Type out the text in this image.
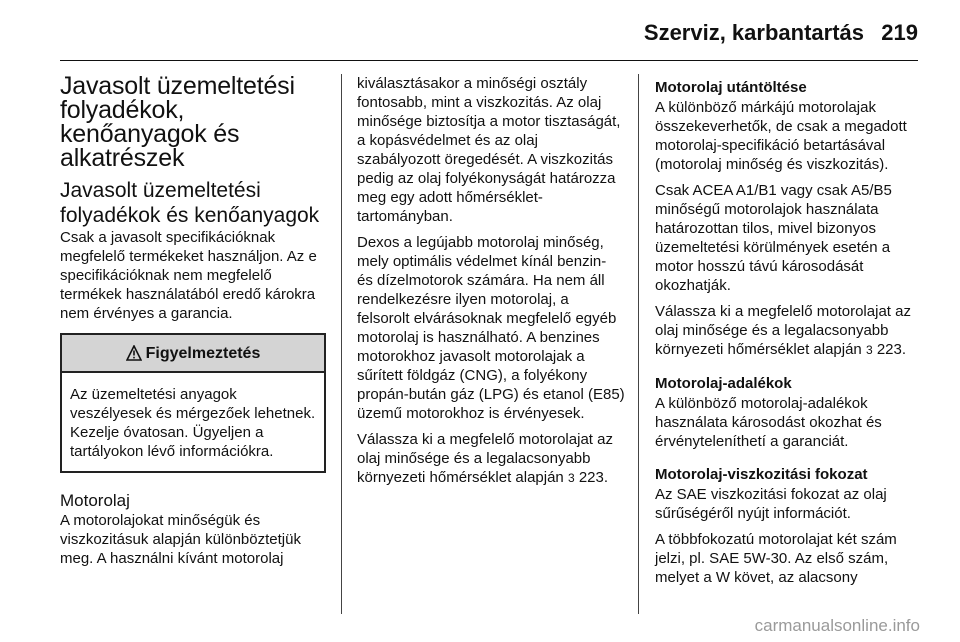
Szerviz, karbantartás 219
Javasolt üzemeltetési folyadékok, kenőanyagok és alkatrészek
Javasolt üzemeltetési folyadékok és kenőanyagok

Csak a javasolt specifikációknak megfelelő termékeket használjon. Az e specifikációknak nem megfelelő termékek használatából eredő károkra nem érvényes a garancia.

Figyelmeztetés
Az üzemeltetési anyagok veszélyesek és mérgezőek lehetnek. Kezelje óvatosan. Ügyeljen a tartályokon lévő információkra.
Motorolaj

A motorolajokat minőségük és viszkozitásuk alapján különböztetjük meg. A használni kívánt motorolaj

kiválasztásakor a minőségi osztály fontosabb, mint a viszkozitás. Az olaj minősége biztosítja a motor tisztaságát, a kopásvédelmet és az olaj szabályozott öregedését. A viszkozitás pedig az olaj folyékonyságát határozza meg egy adott hőmérséklet-tartományban.

Dexos a legújabb motorolaj minőség, mely optimális védelmet kínál benzin- és dízelmotorok számára. Ha nem áll rendelkezésre ilyen motorolaj, a felsorolt elvárásoknak megfelelő egyéb motorolaj is használható. A benzines motorokhoz javasolt motorolajak a sűrített földgáz (CNG), a folyékony propán-bután gáz (LPG) és etanol (E85) üzemű motorokhoz is érvényesek.

Válassza ki a megfelelő motorolajat az olaj minősége és a legalacsonyabb környezeti hőmérséklet alapján 3 223.

Motorolaj utántöltése

A különböző márkájú motorolajak összekeverhetők, de csak a megadott motorolaj-specifikáció betartásával (motorolaj minőség és viszkozitás).

Csak ACEA A1/B1 vagy csak A5/B5 minőségű motorolajok használata határozottan tilos, mivel bizonyos üzemeltetési körülmények esetén a motor hosszú távú károsodását okozhatják.

Válassza ki a megfelelő motorolajat az olaj minősége és a legalacsonyabb környezeti hőmérséklet alapján 3 223.

Motorolaj-adalékok

A különböző motorolaj-adalékok használata károsodást okozhat és érvényteleníthetí a garanciát.

Motorolaj-viszkozitási fokozat

Az SAE viszkozitási fokozat az olaj sűrűségéről nyújt információt.

A többfokozatú motorolajat két szám jelzi, pl. SAE 5W-30. Az első szám, melyet a W követ, az alacsony

carmanualsonline.info
